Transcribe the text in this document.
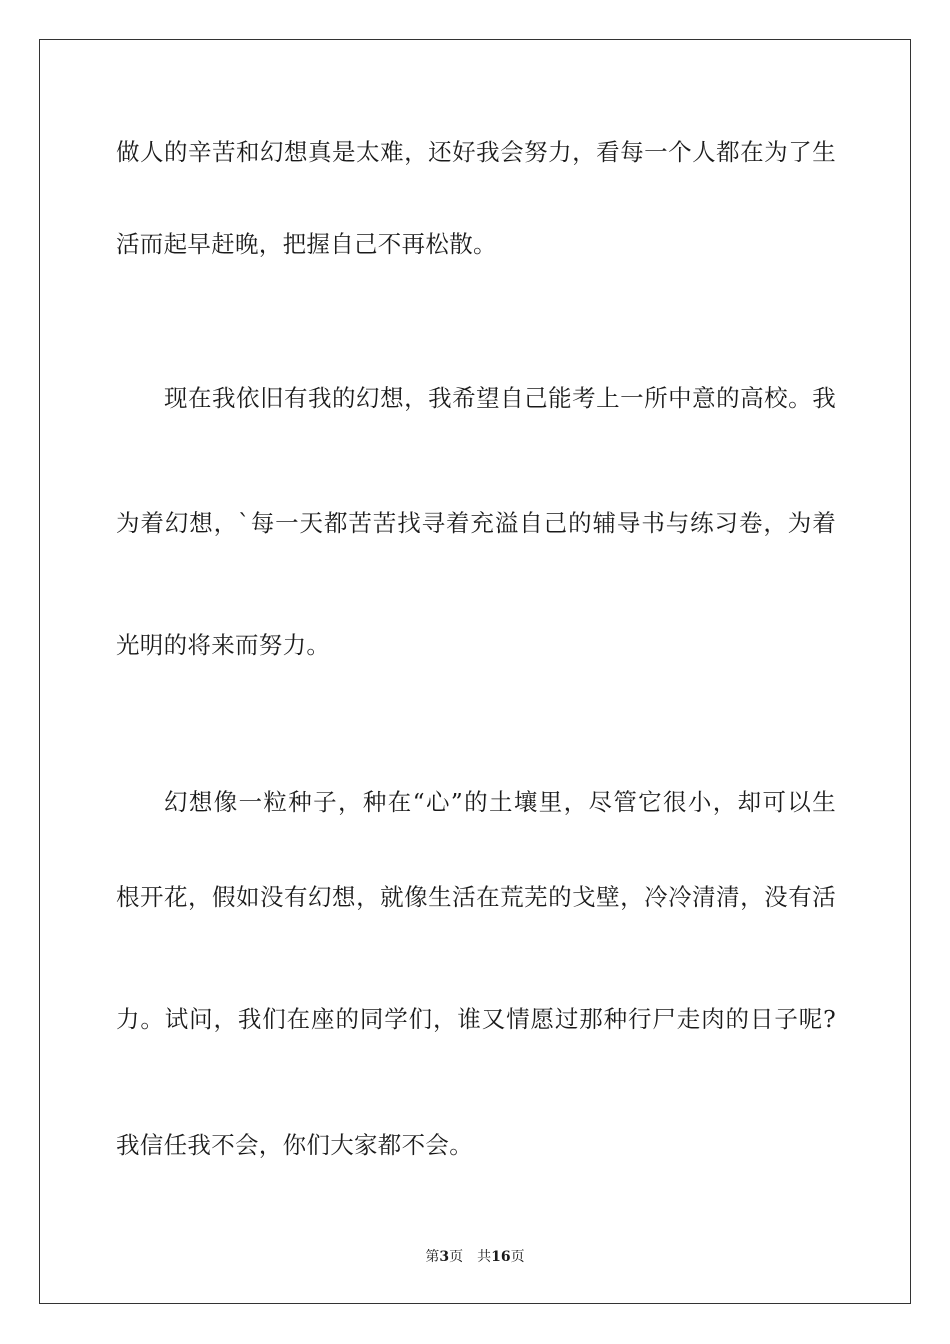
做人的辛苦和幻想真是太难，还好我会努力，看每一个人都在为了生
活而起早赶晚，把握自己不再松散。
现在我依旧有我的幻想，我希望自己能考上一所中意的高校。我
为着幻想，`每一天都苦苦找寻着充溢自己的辅导书与练习卷，为着
光明的将来而努力。
幻想像一粒种子，种在“心”的土壤里，尽管它很小，却可以生
根开花，假如没有幻想，就像生活在荒芜的戈壁，冷冷清清，没有活
力。试问，我们在座的同学们，谁又情愿过那种行尸走肉的日子呢?
我信任我不会，你们大家都不会。
第3页 共16页
